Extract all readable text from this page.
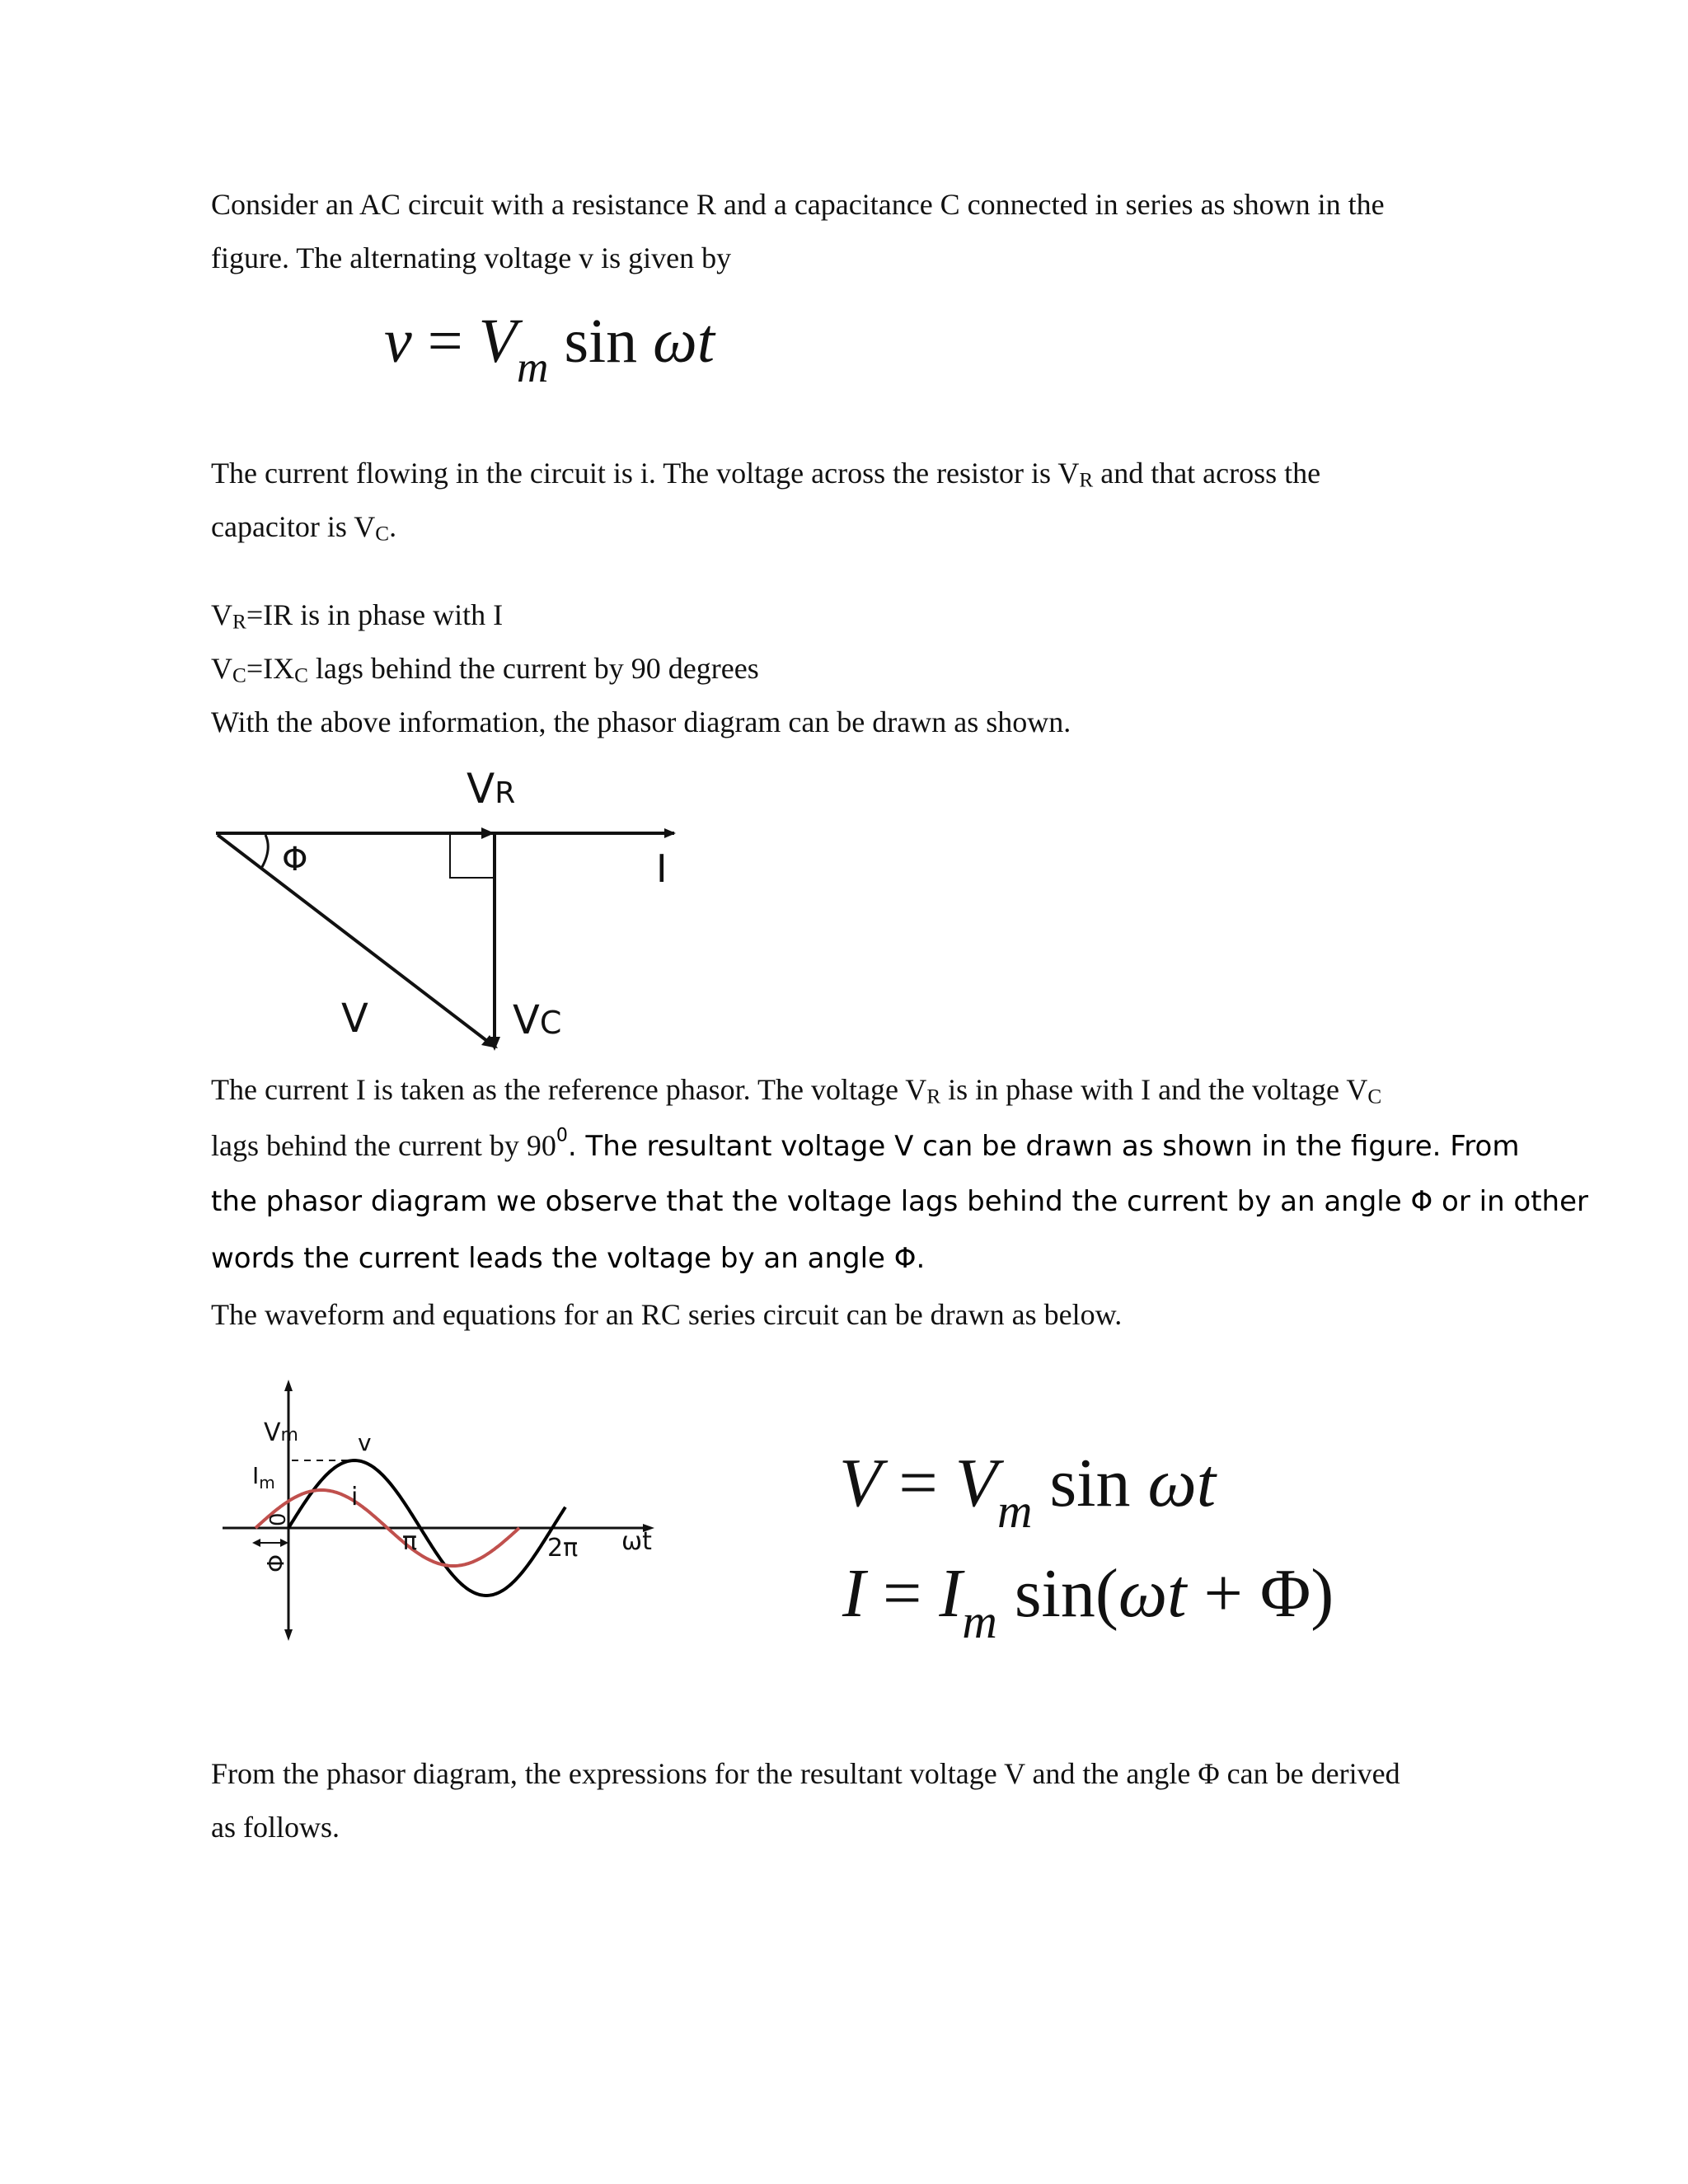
Consider an AC circuit with a resistance R and a capacitance C connected in series as shown in the
figure. The alternating voltage v is given by
$v = V_m$ sin ωt
The current flowing in the circuit is i. The voltage across the resistor is $V_R$ and that across the
capacitor is $V_C$.
$V_R=IR$ is in phase with I
$V_C=IX_C$ lags behind the current by 90 degrees
With the above information, the phasor diagram can be drawn as shown.
VR
Φ	I
V	VC
The current I is taken as the reference phasor. The voltage $V_R$ is in phase with I and the voltage $V_C$
lags behind the current by $90^0$. The resultant voltage V can be drawn as shown in the figure. From
the phasor diagram we observe that the voltage lags behind the current by an angle Φ or in other
words the current leads the voltage by an angle Φ.
The waveform and equations for an RC series circuit can be drawn as below.
Vm
$I_m$
0
Φ
v
i
π	2π ωt
$V = V_m$ sin ωt
$I = I_m$ sin(ωt + Φ)
From the phasor diagram, the expressions for the resultant voltage V and the angle Φ can be derived
as follows.
